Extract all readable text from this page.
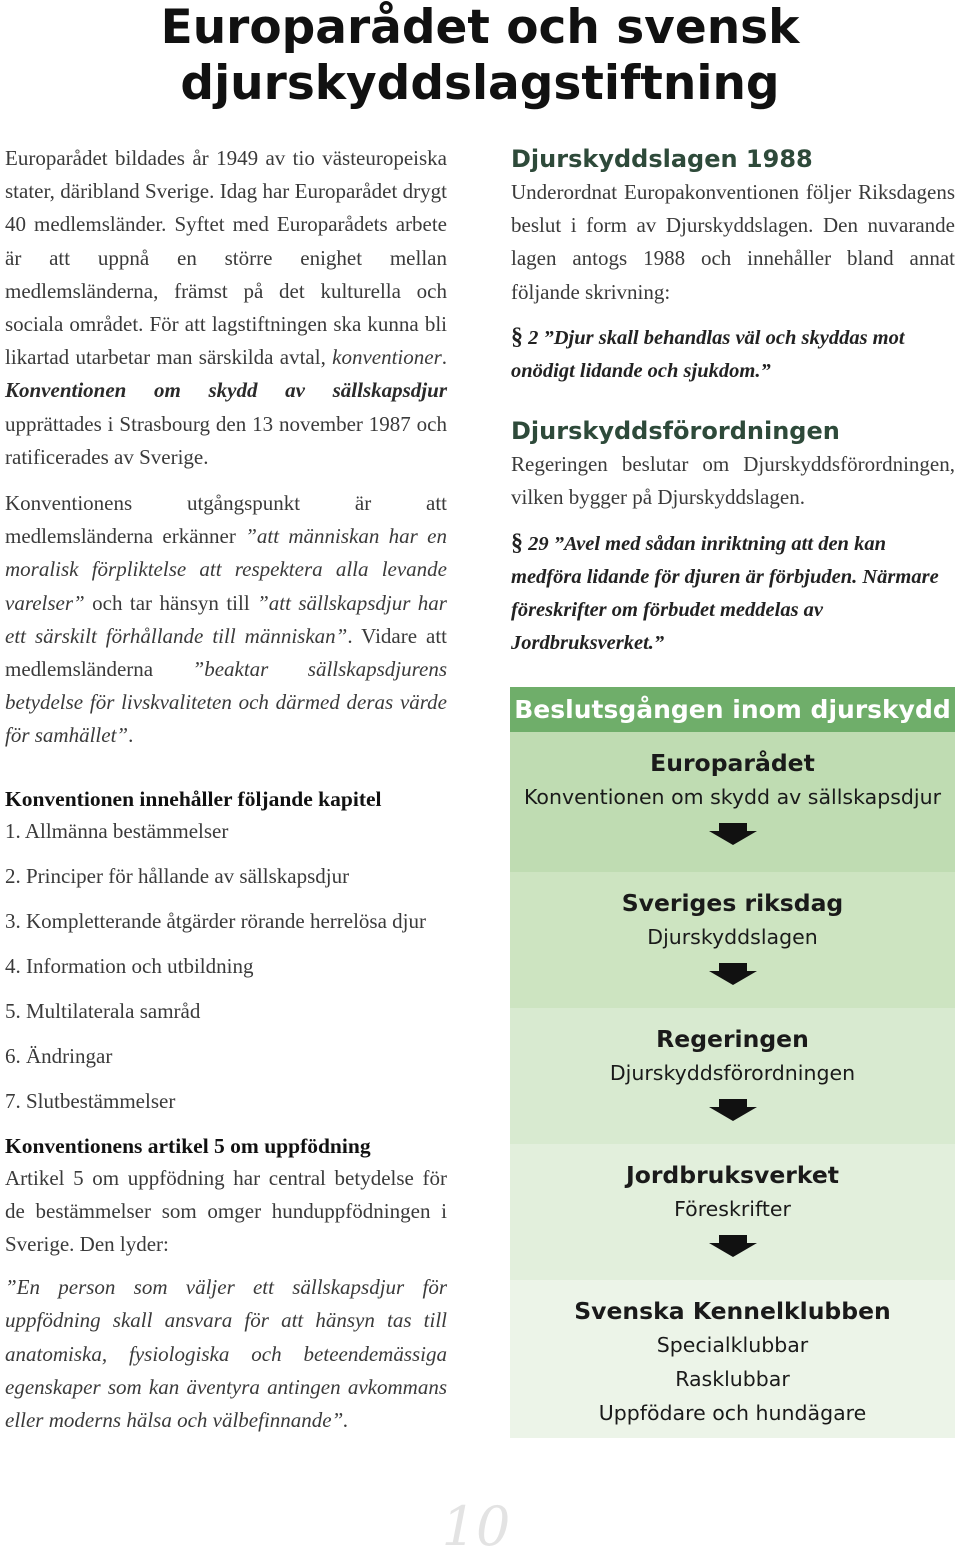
Europarådet och svensk djurskyddslagstiftning

Europarådet bildades år 1949 av tio västeuropeiska stater, däribland Sverige. Idag har Europarådet drygt 40 medlemsländer. Syftet med Europarådets arbete är att uppnå en större enighet mellan medlemsländerna, främst på det kulturella och sociala området. För att lagstiftningen ska kunna bli likartad utarbetar man särskilda avtal, konventioner. Konventionen om skydd av sällskapsdjur upprättades i Strasbourg den 13 november 1987 och ratificerades av Sverige.

Konventionens utgångspunkt är att medlemsländerna erkänner ”att människan har en moralisk förpliktelse att respektera alla levande varelser” och tar hänsyn till ”att sällskapsdjur har ett särskilt förhållande till människan”. Vidare att medlemsländerna ”beaktar sällskapsdjurens betydelse för livskvaliteten och därmed deras värde för samhället”.

Konventionen innehåller följande kapitel
1. Allmänna bestämmelser
2. Principer för hållande av sällskapsdjur
3. Kompletterande åtgärder rörande herrelösa djur
4. Information och utbildning
5. Multilaterala samråd
6. Ändringar
7. Slutbestämmelser
Konventionens artikel 5 om uppfödning

Artikel 5 om uppfödning har central betydelse för de bestämmelser som omger hunduppfödningen i Sverige. Den lyder:

”En person som väljer ett sällskapsdjur för uppfödning skall ansvara för att hänsyn tas till anatomiska, fysiologiska och beteendemässiga egenskaper som kan äventyra antingen avkommans eller moderns hälsa och välbefinnande”.

Djurskyddslagen 1988

Underordnat Europakonventionen följer Riksdagens beslut i form av Djurskyddslagen. Den nuvarande lagen antogs 1988 och innehåller bland annat följande skrivning:

§ 2 ”Djur skall behandlas väl och skyddas mot onödigt lidande och sjukdom.”

Djurskyddsförordningen

Regeringen beslutar om Djurskyddsförordningen, vilken bygger på Djurskyddslagen.

§ 29 ”Avel med sådan inriktning att den kan medföra lidande för djuren är förbjuden. Närmare föreskrifter om förbudet meddelas av Jordbruksverket.”

Beslutsgången inom djurskydd
Europarådet
Konventionen om skydd av sällskapsdjur
Sveriges riksdag
Djurskyddslagen
Regeringen
Djurskyddsförordningen
Jordbruksverket
Föreskrifter
Svenska Kennelklubben
Specialklubbar
Rasklubbar
Uppfödare och hundägare
10
